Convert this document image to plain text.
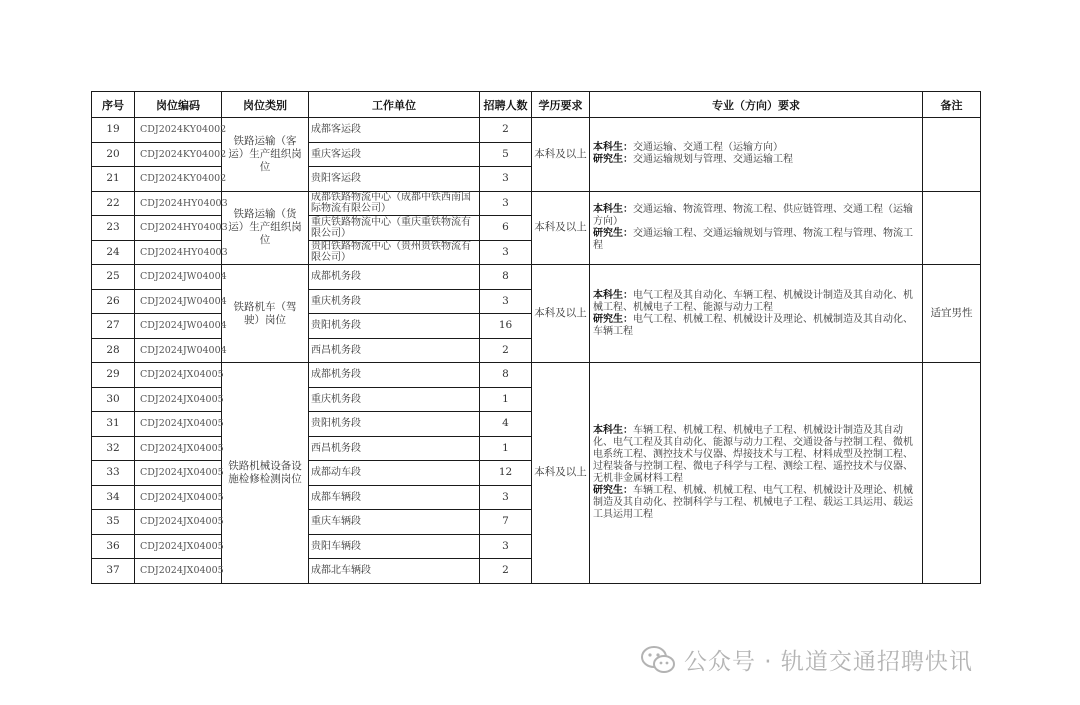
序号	岗位编码	岗位类别	工作单位	招聘人数	学历要求	专业（方向）要求	备注
19	CDJ2024KY04002	铁路运输（客运）生产组织岗位	成都客运段	2	本科及以上	本科生：交通运输、交通工程（运输方向）
研究生：交通运输规划与管理、交通运输工程	

20	CDJ2024KY04002		重庆客运段	5			
21	CDJ2024KY04002		贵阳客运段	3			
22	CDJ2024HY04003	铁路运输（货运）生产组织岗位	成都铁路物流中心（成都中铁西南国际物流有限公司）	3	本科及以上	本科生：交通运输、物流管理、物流工程、供应链管理、交通工程（运输方向）
研究生：交通运输工程、交通运输规划与管理、物流工程与管理、物流工程	

23	CDJ2024HY04003		重庆铁路物流中心（重庆重铁物流有限公司）	6			
24	CDJ2024HY04003		贵阳铁路物流中心（贵州贵铁物流有限公司）	3			
25	CDJ2024JW04004	铁路机车（驾驶）岗位	成都机务段	8	本科及以上	本科生：电气工程及其自动化、车辆工程、机械设计制造及其自动化、机械工程、机械电子工程、能源与动力工程
研究生：电气工程、机械工程、机械设计及理论、机械制造及其自动化、车辆工程	适宜男性
26	CDJ2024JW04004		重庆机务段	3			
27	CDJ2024JW04004		贵阳机务段	16			
28	CDJ2024JW04004		西昌机务段	2			
29	CDJ2024JX04005	铁路机械设备设施检修检测岗位	成都机务段	8	本科及以上	本科生：车辆工程、机械工程、机械电子工程、机械设计制造及其自动化、电气工程及其自动化、能源与动力工程、交通设备与控制工程、微机电系统工程、测控技术与仪器、焊接技术与工程、材料成型及控制工程、过程装备与控制工程、微电子科学与工程、测绘工程、遥控技术与仪器、无机非金属材料工程
研究生：车辆工程、机械、机械工程、电气工程、机械设计及理论、机械制造及其自动化、控制科学与工程、机械电子工程、载运工具运用、载运工具运用工程	

30	CDJ2024JX04005		重庆机务段	1			
31	CDJ2024JX04005		贵阳机务段	4			
32	CDJ2024JX04005		西昌机务段	1			
33	CDJ2024JX04005		成都动车段	12			
34	CDJ2024JX04005		成都车辆段	3			
35	CDJ2024JX04005		重庆车辆段	7			
36	CDJ2024JX04005		贵阳车辆段	3			
37	CDJ2024JX04005		成都北车辆段	2			
公众号 · 轨道交通招聘快讯
